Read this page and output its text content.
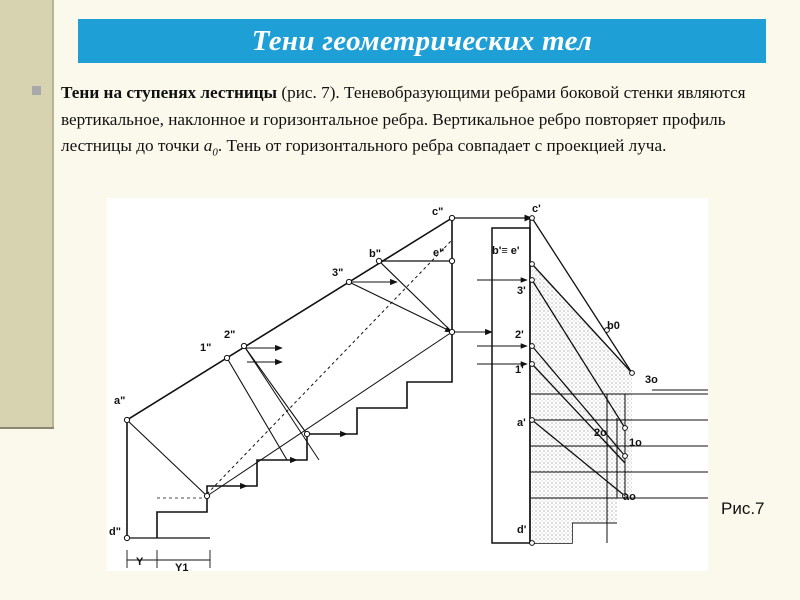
Тени геометрических тел
Тени на ступенях лестницы (рис. 7). Теневобразующими ребрами боковой стенки являются вертикальное, наклонное и горизонтальное ребра. Вертикальное ребро повторяет профиль лестницы до точки $a_0$. Тень от горизонтального ребра совпадает с проекцией луча.
c"
b"	e"
3"
2"
1"
a"
d"
c'
b'≡ e'
3'
2'
1'
a'
d'
b0
3o
2o
1o
ao
Y	Y1
Рис.7
